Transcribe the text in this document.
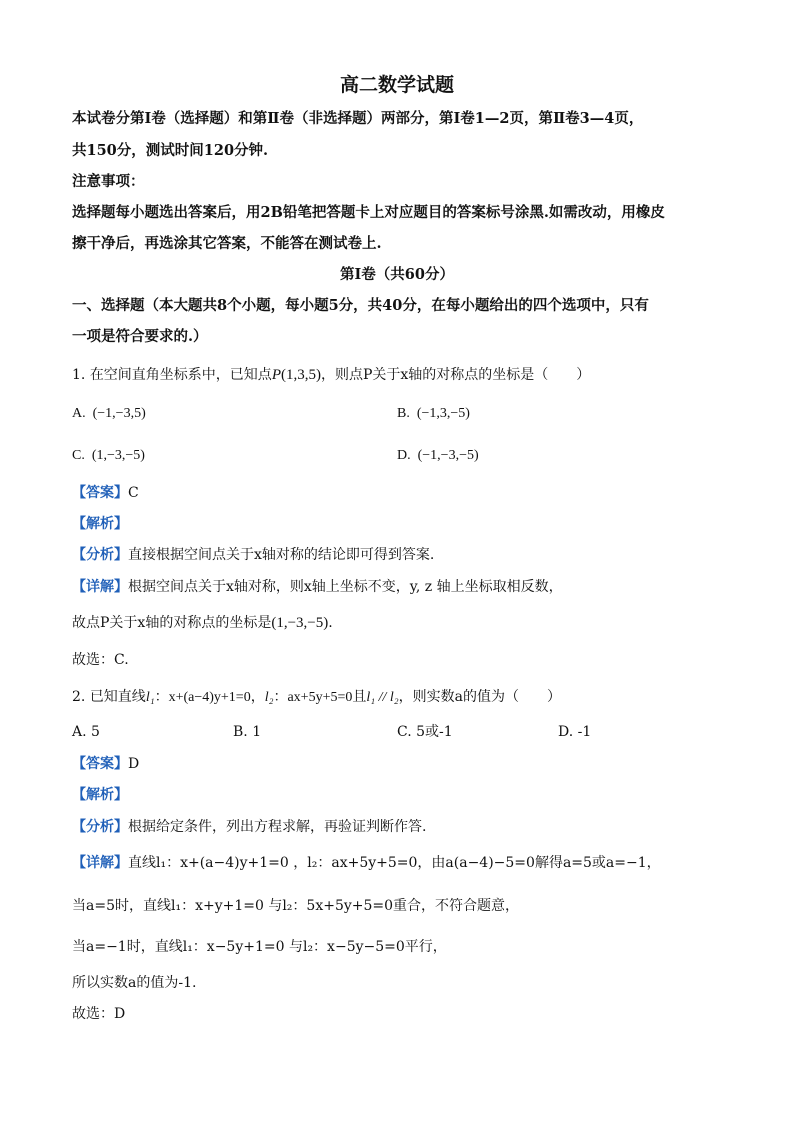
高二数学试题
本试卷分第Ⅰ卷（选择题）和第Ⅱ卷（非选择题）两部分，第Ⅰ卷1—2页，第Ⅱ卷3—4页，
共150分，测试时间120分钟.
注意事项：
选择题每小题选出答案后，用2B铅笔把答题卡上对应题目的答案标号涂黑.如需改动，用橡皮
擦干净后，再选涂其它答案，不能答在测试卷上.
第Ⅰ卷（共60分）
一、选择题（本大题共8个小题，每小题5分，共40分，在每小题给出的四个选项中，只有
一项是符合要求的.）
1. 在空间直角坐标系中，已知点P(1,3,5)，则点P关于x轴的对称点的坐标是（　　）
A. (−1,−3,5)	B. (−1,3,−5)
C. (1,−3,−5)	D. (−1,−3,−5)
【答案】C
【解析】
【分析】直接根据空间点关于x轴对称的结论即可得到答案.
【详解】根据空间点关于x轴对称，则x轴上坐标不变，y, z 轴上坐标取相反数，
故点P关于x轴的对称点的坐标是(1,−3,−5).
故选：C.
2. 已知直线l₁：x+(a−4)y+1=0，l₂：ax+5y+5=0且l₁ // l₂，则实数a的值为（　　）
A. 5	B. 1	C. 5或-1	D. -1
【答案】D
【解析】
【分析】根据给定条件，列出方程求解，再验证判断作答.
【详解】直线l₁：x+(a−4)y+1=0 ，l₂：ax+5y+5=0，由a(a−4)−5=0解得a=5或a=−1，
当a=5时，直线l₁：x+y+1=0 与l₂：5x+5y+5=0重合，不符合题意，
当a=−1时，直线l₁：x−5y+1=0 与l₂：x−5y−5=0平行，
所以实数a的值为-1.
故选：D
